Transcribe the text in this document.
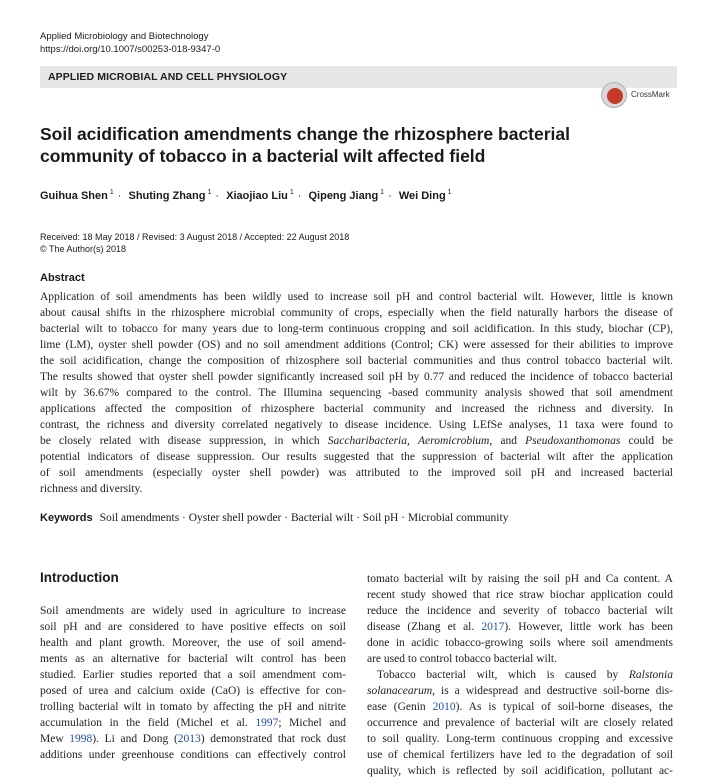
Applied Microbiology and Biotechnology
https://doi.org/10.1007/s00253-018-9347-0
APPLIED MICROBIAL AND CELL PHYSIOLOGY
CrossMark
Soil acidification amendments change the rhizosphere bacterial
community of tobacco in a bacterial wilt affected field
Guihua Shen $^1$ · Shuting Zhang $^1$ · Xiaojiao Liu $^1$ · Qipeng Jiang $^1$ · Wei Ding $^1$
Received: 18 May 2018 / Revised: 3 August 2018 / Accepted: 22 August 2018
© The Author(s) 2018
Abstract
Application of soil amendments has been wildly used to increase soil pH and control bacterial wilt. However, little is known
about causal shifts in the rhizosphere microbial community of crops, especially when the field naturally harbors the disease of
bacterial wilt to tobacco for many years due to long-term continuous cropping and soil acidification. In this study, biochar (CP),
lime (LM), oyster shell powder (OS) and no soil amendment additions (Control; CK) were assessed for their abilities to improve
the soil acidification, change the composition of rhizosphere soil bacterial communities and thus control tobacco bacterial wilt.
The results showed that oyster shell powder significantly increased soil pH by 0.77 and reduced the incidence of tobacco bacterial
wilt by 36.67% compared to the control. The Illumina sequencing -based community analysis showed that soil amendment
applications affected the composition of rhizosphere bacterial community and increased the richness and diversity. In
contrast, the richness and diversity correlated negatively to disease incidence. Using LEfSe analyses, 11 taxa were found to
be closely related with disease suppression, in which Saccharibacteria, Aeromicrobium, and Pseudoxanthomonas could be
potential indicators of disease suppression. Our results suggested that the suppression of bacterial wilt after the application
of soil amendments (especially oyster shell powder) was attributed to the improved soil pH and increased bacterial
richness and diversity.
Keywords Soil amendments · Oyster shell powder · Bacterial wilt · Soil pH · Microbial community
Introduction
Soil amendments are widely used in agriculture to increase
soil pH and are considered to have positive effects on soil
health and plant growth. Moreover, the use of soil amend-
ments as an alternative for bacterial wilt control has been
studied. Earlier studies reported that a soil amendment com-
posed of urea and calcium oxide (CaO) is effective for con-
trolling bacterial wilt in tomato by affecting the pH and nitrite
accumulation in the field (Michel et al. 1997; Michel and
Mew 1998). Li and Dong (2013) demonstrated that rock dust
additions under greenhouse conditions can effectively control
tomato bacterial wilt by raising the soil pH and Ca content. A
recent study showed that rice straw biochar application could
reduce the incidence and severity of tobacco bacterial wilt
disease (Zhang et al. 2017). However, little work has been
done in acidic tobacco-growing soils where soil amendments
are used to control tobacco bacterial wilt.
Tobacco bacterial wilt, which is caused by Ralstonia
solanacearum, is a widespread and destructive soil-borne dis-
ease (Genin 2010). As is typical of soil-borne diseases, the
occurrence and prevalence of bacterial wilt are closely related
to soil quality. Long-term continuous cropping and excessive
use of chemical fertilizers have led to the degradation of soil
quality, which is reflected by soil acidification, pollutant ac-
